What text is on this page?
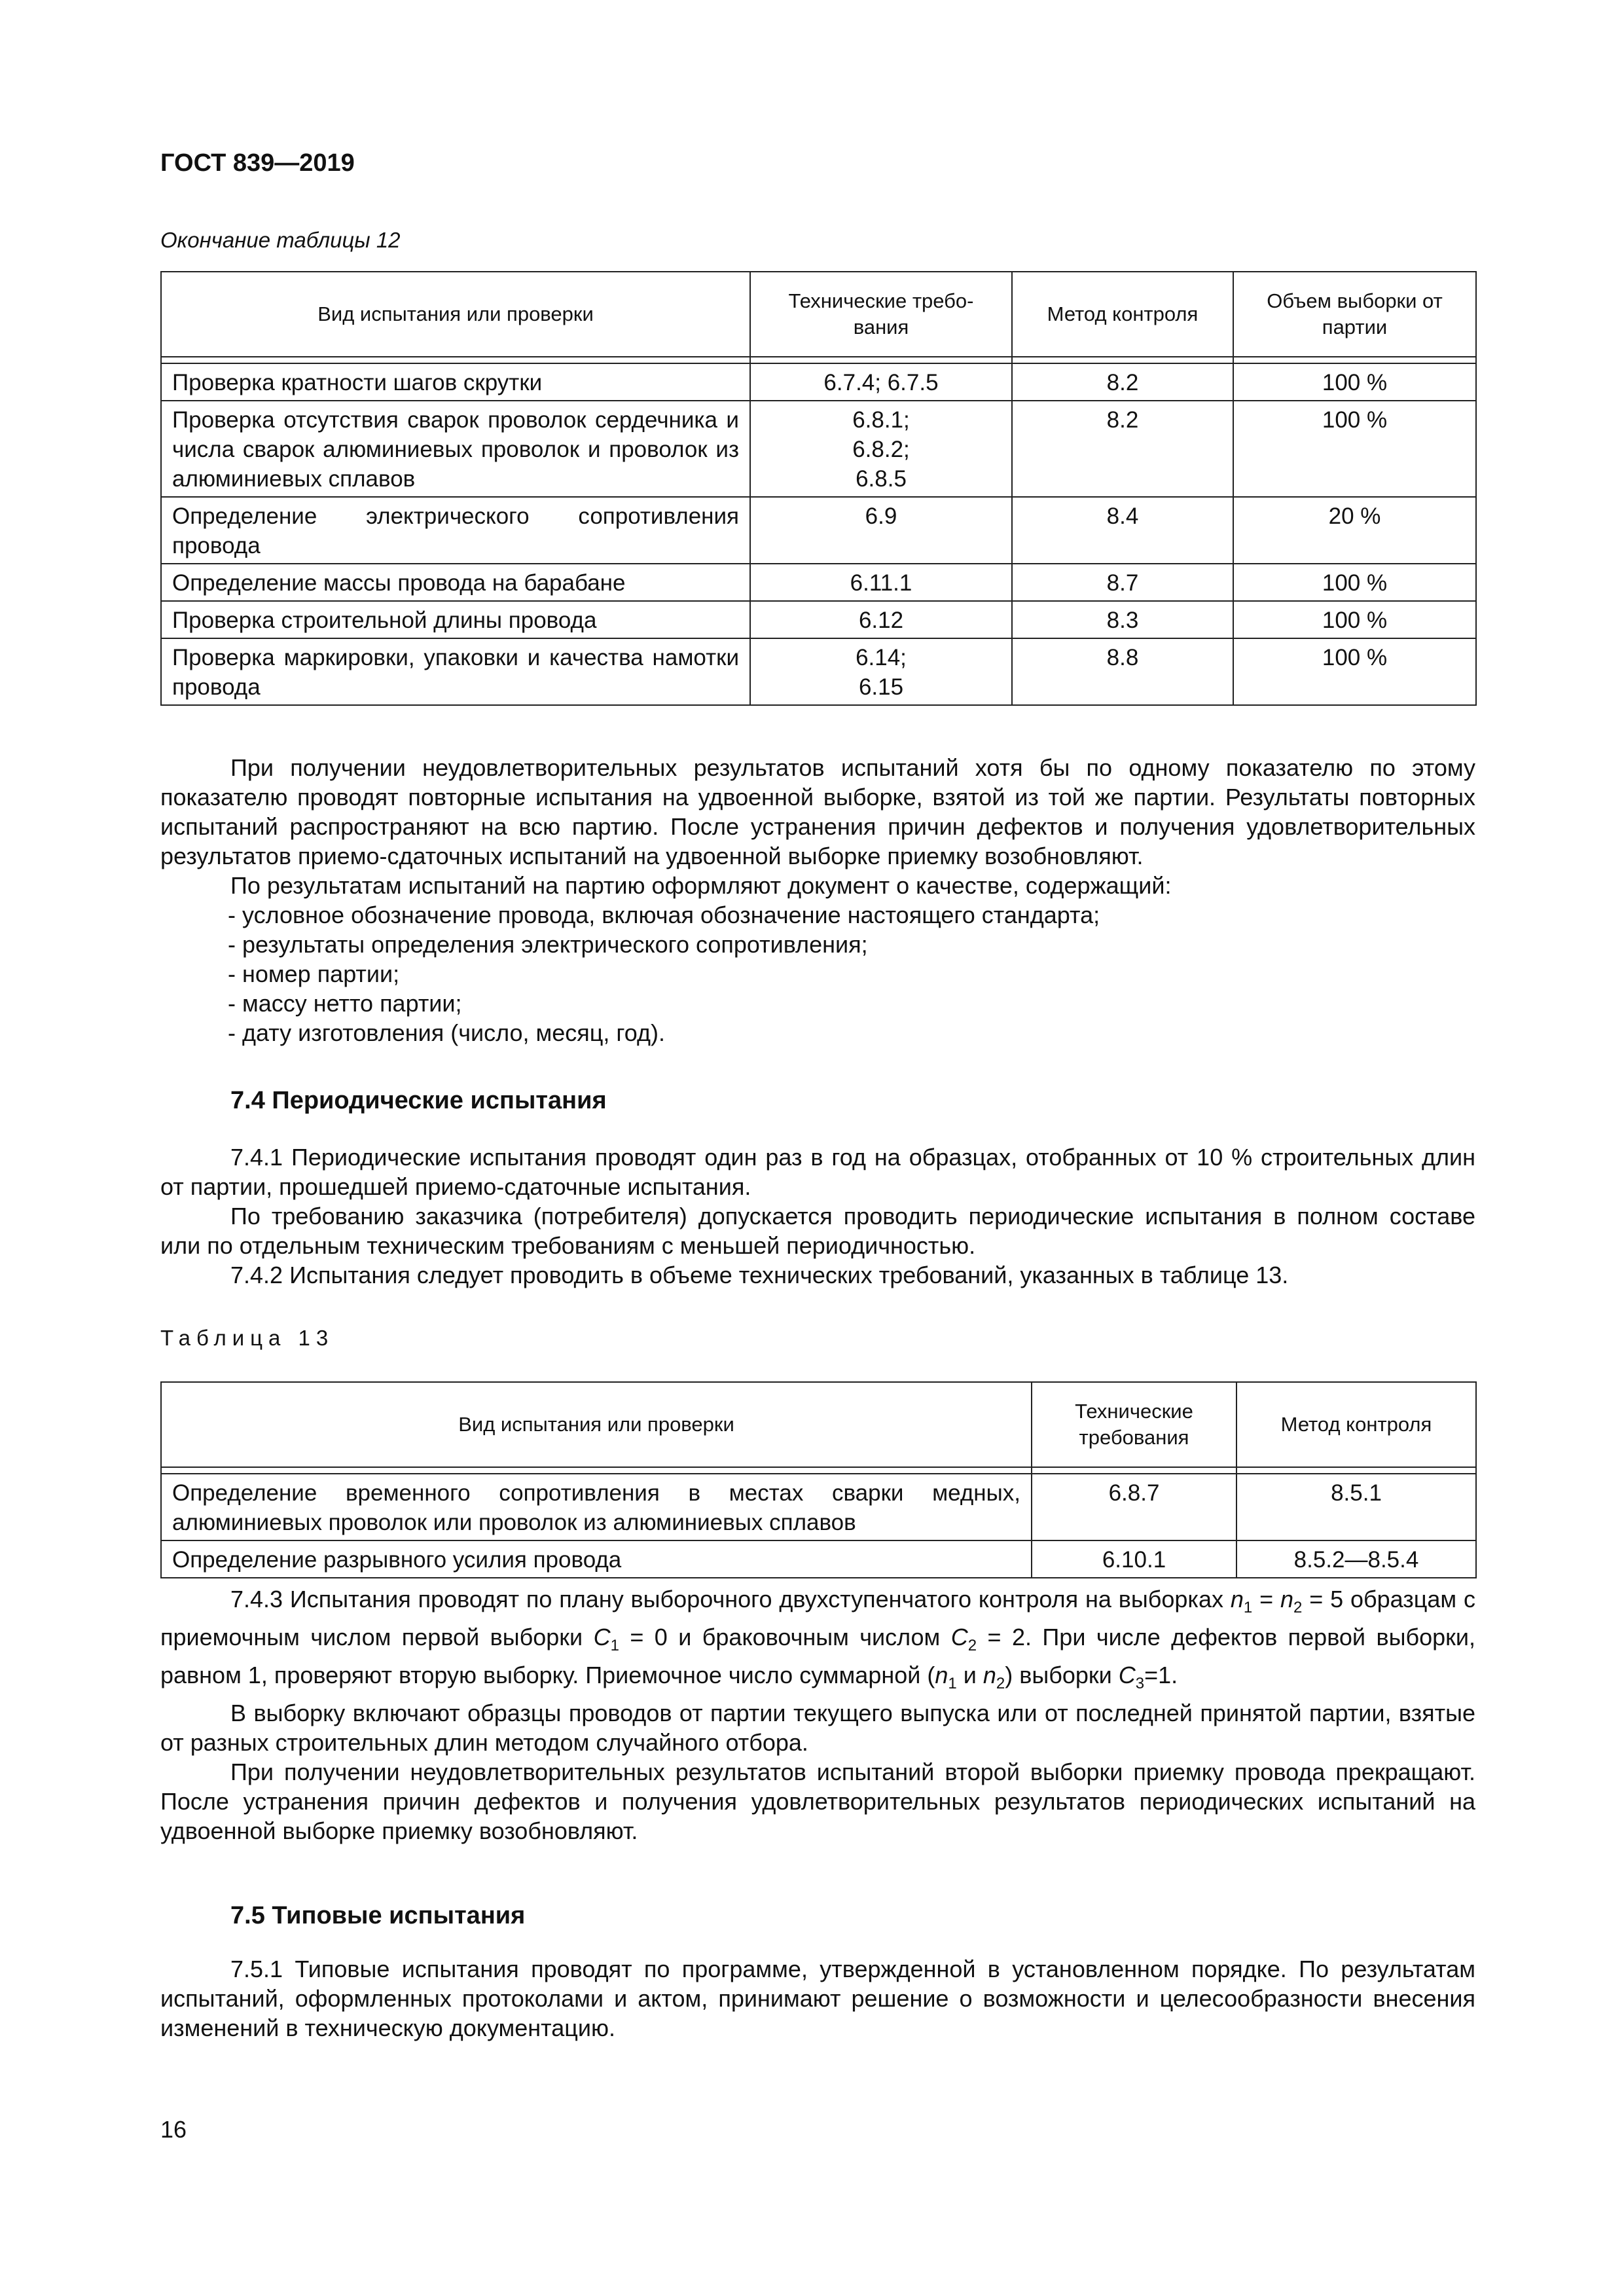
ГОСТ 839—2019
Окончание таблицы 12
Вид испытания или проверки	Технические требо-вания	Метод контроля	Объем выборки от партии

Проверка кратности шагов скрутки	6.7.4; 6.7.5	8.2	100 %
Проверка отсутствия сварок проволок сердечника и числа сварок алюминиевых проволок и проволок из алюминиевых сплавов	6.8.1; 6.8.2; 6.8.5	8.2	100 %
Определение электрического сопротивления провода	6.9	8.4	20 %
Определение массы провода на барабане	6.11.1	8.7	100 %
Проверка строительной длины провода	6.12	8.3	100 %
Проверка маркировки, упаковки и качества намотки провода	6.14; 6.15	8.8	100 %

При получении неудовлетворительных результатов испытаний хотя бы по одному показателю по этому показателю проводят повторные испытания на удвоенной выборке, взятой из той же партии. Результаты повторных испытаний распространяют на всю партию. После устранения причин дефектов и получения удовлетворительных результатов приемо-сдаточных испытаний на удвоенной выборке приемку возобновляют.

По результатам испытаний на партию оформляют документ о качестве, содержащий:

- условное обозначение провода, включая обозначение настоящего стандарта;

- результаты определения электрического сопротивления;

- номер партии;

- массу нетто партии;

- дату изготовления (число, месяц, год).

7.4 Периодические испытания

7.4.1 Периодические испытания проводят один раз в год на образцах, отобранных от 10 % строительных длин от партии, прошедшей приемо-сдаточные испытания.

По требованию заказчика (потребителя) допускается проводить периодические испытания в полном составе или по отдельным техническим требованиям с меньшей периодичностью.

7.4.2 Испытания следует проводить в объеме технических требований, указанных в таблице 13.

Таблица 13
Вид испытания или проверки	Технические требования	Метод контроля

Определение временного сопротивления в местах сварки медных, алюминиевых проволок или проволок из алюминиевых сплавов	6.8.7	8.5.1
Определение разрывного усилия провода	6.10.1	8.5.2—8.5.4

7.4.3 Испытания проводят по плану выборочного двухступенчатого контроля на выборках $n_1 = n_2 = 5$ образцам с приемочным числом первой выборки $C_1 = 0$ и браковочным числом $C_2 = 2$. При числе дефектов первой выборки, равном 1, проверяют вторую выборку. Приемочное число суммарной ($n_1$ и $n_2$) выборки $C_3=1$.

В выборку включают образцы проводов от партии текущего выпуска или от последней принятой партии, взятые от разных строительных длин методом случайного отбора.

При получении неудовлетворительных результатов испытаний второй выборки приемку провода прекращают. После устранения причин дефектов и получения удовлетворительных результатов периодических испытаний на удвоенной выборке приемку возобновляют.

7.5 Типовые испытания

7.5.1 Типовые испытания проводят по программе, утвержденной в установленном порядке. По результатам испытаний, оформленных протоколами и актом, принимают решение о возможности и целесообразности внесения изменений в техническую документацию.

16
